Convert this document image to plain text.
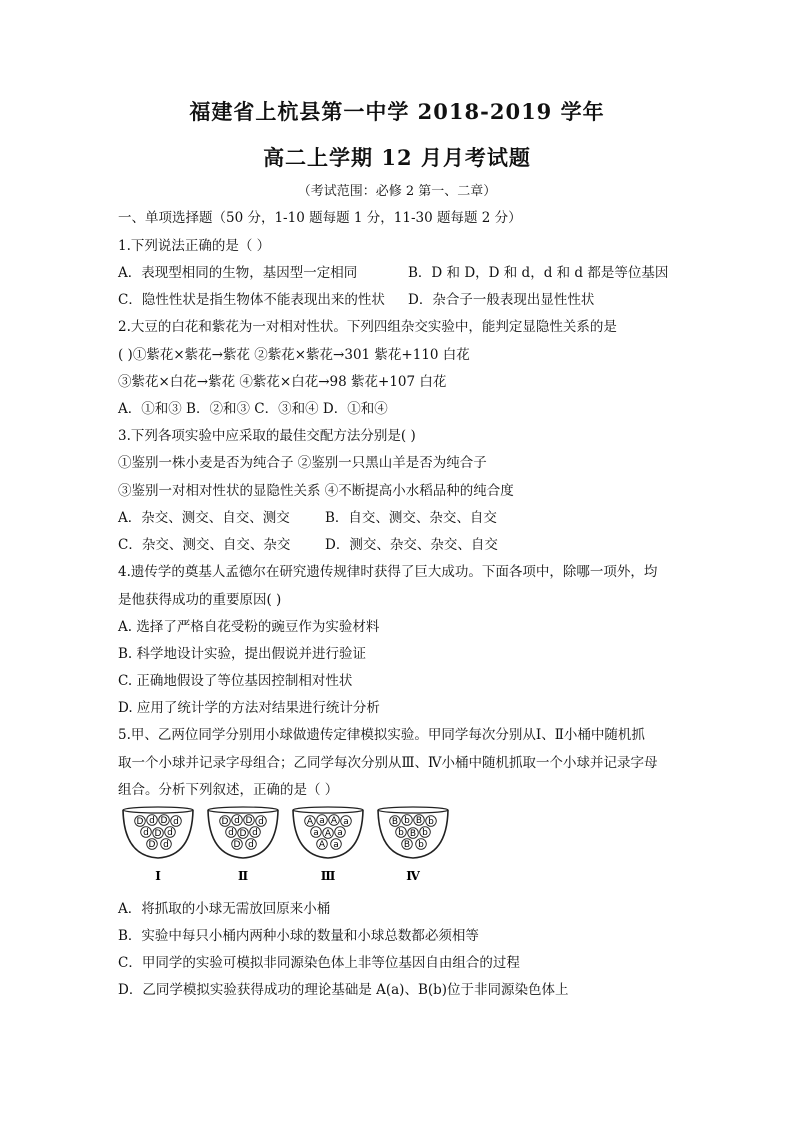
福建省上杭县第一中学 2018-2019 学年
高二上学期 12 月月考试题
（考试范围：必修 2 第一、二章）
一、单项选择题（50 分，1-10 题每题 1 分，11-30 题每题 2 分）
1.下列说法正确的是（ ）
A．表现型相同的生物，基因型一定相同	B．D 和 D，D 和 d，d 和 d 都是等位基因
C．隐性性状是指生物体不能表现出来的性状 D．杂合子一般表现出显性性状
2.大豆的白花和紫花为一对相对性状。下列四组杂交实验中，能判定显隐性关系的是
( )①紫花×紫花→紫花 ②紫花×紫花→301 紫花+110 白花
③紫花×白花→紫花 ④紫花×白花→98 紫花+107 白花
A．①和③ B．②和③ C．③和④ D．①和④
3.下列各项实验中应采取的最佳交配方法分别是( )
①鉴别一株小麦是否为纯合子 ②鉴别一只黑山羊是否为纯合子
③鉴别一对相对性状的显隐性关系 ④不断提高小水稻品种的纯合度
A．杂交、测交、自交、测交	B．自交、测交、杂交、自交
C．杂交、测交、自交、杂交	D．测交、杂交、杂交、自交
4.遗传学的奠基人孟德尔在研究遗传规律时获得了巨大成功。下面各项中，除哪一项外，均
是他获得成功的重要原因( )
A. 选择了严格自花受粉的豌豆作为实验材料
B. 科学地设计实验，提出假说并进行验证
C. 正确地假设了等位基因控制相对性状
D. 应用了统计学的方法对结果进行统计分析
5.甲、乙两位同学分别用小球做遗传定律模拟实验。甲同学每次分别从Ⅰ、Ⅱ小桶中随机抓
取一个小球并记录字母组合；乙同学每次分别从Ⅲ、Ⅳ小桶中随机抓取一个小球并记录字母
组合。分析下列叙述，正确的是（ ）
D d D d
d D d
D d
Ⅰ
D d D d
d D d
D d
Ⅱ
A a A a
a A a
A a
Ⅲ
B b B b
b B b
B b
Ⅳ
A．将抓取的小球无需放回原来小桶
B．实验中每只小桶内两种小球的数量和小球总数都必须相等
C．甲同学的实验可模拟非同源染色体上非等位基因自由组合的过程
D．乙同学模拟实验获得成功的理论基础是 A(a)、B(b)位于非同源染色体上
